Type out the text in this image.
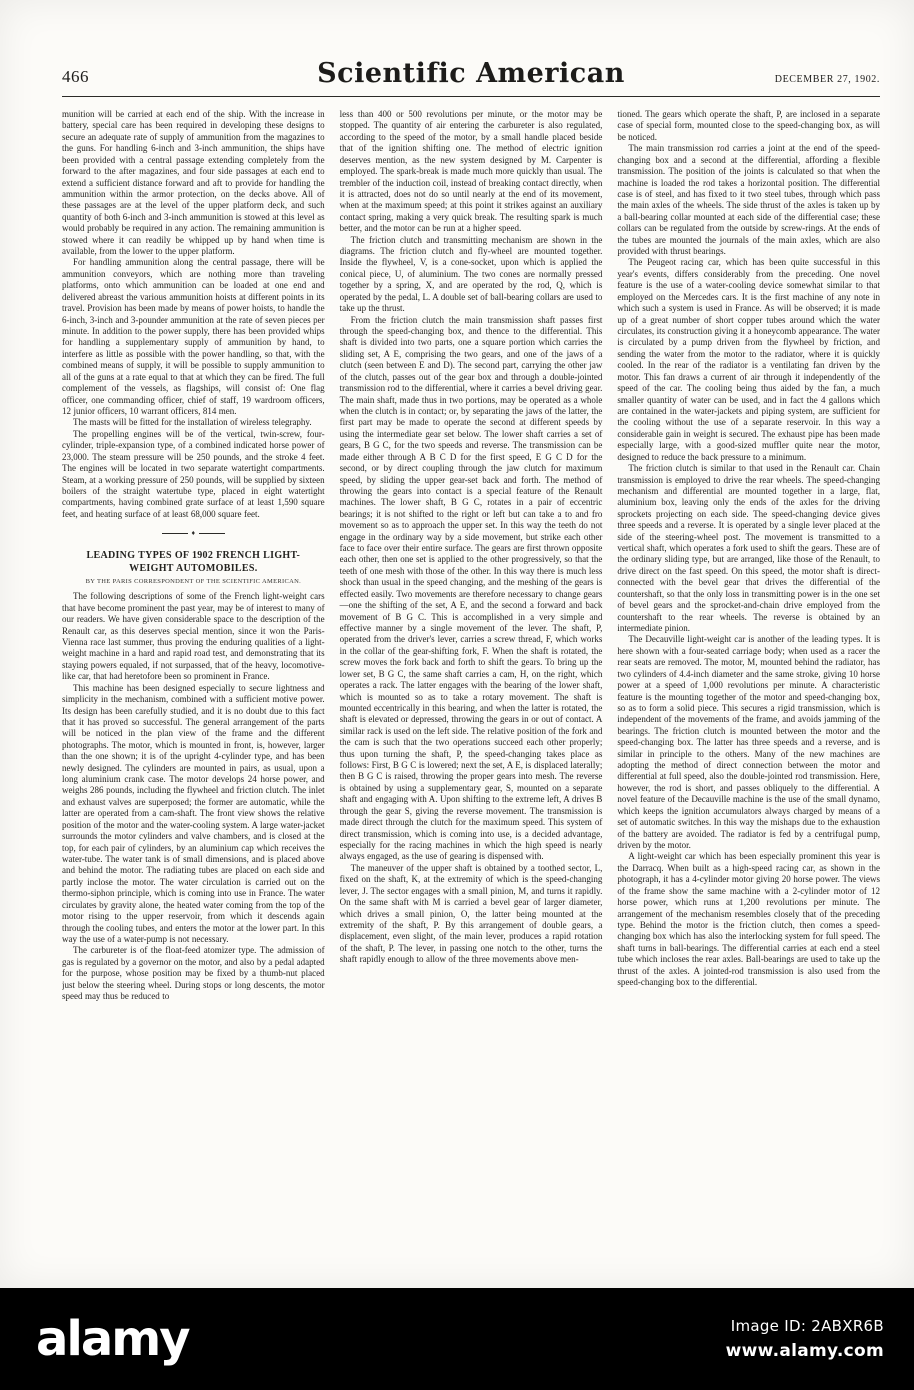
466	Scientific American	DECEMBER 27, 1902.

munition will be carried at each end of the ship. With the increase in battery, special care has been required in developing these designs to secure an adequate rate of supply of ammunition from the magazines to the guns. For handling 6-inch and 3-inch ammunition, the ships have been provided with a central passage extending completely from the forward to the after magazines, and four side passages at each end to extend a sufficient distance forward and aft to provide for handling the ammunition within the armor protection, on the decks above. All of these passages are at the level of the upper platform deck, and such quantity of both 6-inch and 3-inch ammunition is stowed at this level as would probably be required in any action. The remaining ammunition is stowed where it can readily be whipped up by hand when time is available, from the lower to the upper platform.

For handling ammunition along the central passage, there will be ammunition conveyors, which are nothing more than traveling platforms, onto which ammunition can be loaded at one end and delivered abreast the various ammunition hoists at different points in its travel. Provision has been made by means of power hoists, to handle the 6-inch, 3-inch and 3-pounder ammunition at the rate of seven pieces per minute. In addition to the power supply, there has been provided whips for handling a supplementary supply of ammunition by hand, to interfere as little as possible with the power handling, so that, with the combined means of supply, it will be possible to supply ammunition to all of the guns at a rate equal to that at which they can be fired. The full complement of the vessels, as flagships, will consist of: One flag officer, one commanding officer, chief of staff, 19 wardroom officers, 12 junior officers, 10 warrant officers, 814 men.

The masts will be fitted for the installation of wireless telegraphy.

The propelling engines will be of the vertical, twin-screw, four-cylinder, triple-expansion type, of a combined indicated horse power of 23,000. The steam pressure will be 250 pounds, and the stroke 4 feet. The engines will be located in two separate watertight compartments. Steam, at a working pressure of 250 pounds, will be supplied by sixteen boilers of the straight watertube type, placed in eight watertight compartments, having combined grate surface of at least 1,590 square feet, and heating surface of at least 68,000 square feet.

♦
LEADING TYPES OF 1902 FRENCH LIGHT-WEIGHT AUTOMOBILES.
BY THE PARIS CORRESPONDENT OF THE SCIENTIFIC AMERICAN.

The following descriptions of some of the French light-weight cars that have become prominent the past year, may be of interest to many of our readers. We have given considerable space to the description of the Renault car, as this deserves special mention, since it won the Paris-Vienna race last summer, thus proving the enduring qualities of a light-weight machine in a hard and rapid road test, and demonstrating that its staying powers equaled, if not surpassed, that of the heavy, locomotive-like car, that had heretofore been so prominent in France.

This machine has been designed especially to secure lightness and simplicity in the mechanism, combined with a sufficient motive power. Its design has been carefully studied, and it is no doubt due to this fact that it has proved so successful. The general arrangement of the parts will be noticed in the plan view of the frame and the different photographs. The motor, which is mounted in front, is, however, larger than the one shown; it is of the upright 4-cylinder type, and has been newly designed. The cylinders are mounted in pairs, as usual, upon a long aluminium crank case. The motor develops 24 horse power, and weighs 286 pounds, including the flywheel and friction clutch. The inlet and exhaust valves are superposed; the former are automatic, while the latter are operated from a cam-shaft. The front view shows the relative position of the motor and the water-cooling system. A large water-jacket surrounds the motor cylinders and valve chambers, and is closed at the top, for each pair of cylinders, by an aluminium cap which receives the water-tube. The water tank is of small dimensions, and is placed above and behind the motor. The radiating tubes are placed on each side and partly inclose the motor. The water circulation is carried out on the thermo-siphon principle, which is coming into use in France. The water circulates by gravity alone, the heated water coming from the top of the motor rising to the upper reservoir, from which it descends again through the cooling tubes, and enters the motor at the lower part. In this way the use of a water-pump is not necessary.

The carbureter is of the float-feed atomizer type. The admission of gas is regulated by a governor on the motor, and also by a pedal adapted for the purpose, whose position may be fixed by a thumb-nut placed just below the steering wheel. During stops or long descents, the motor speed may thus be reduced to

less than 400 or 500 revolutions per minute, or the motor may be stopped. The quantity of air entering the carbureter is also regulated, according to the speed of the motor, by a small handle placed beside that of the ignition shifting one. The method of electric ignition deserves mention, as the new system designed by M. Carpenter is employed. The spark-break is made much more quickly than usual. The trembler of the induction coil, instead of breaking contact directly, when it is attracted, does not do so until nearly at the end of its movement, when at the maximum speed; at this point it strikes against an auxiliary contact spring, making a very quick break. The resulting spark is much better, and the motor can be run at a higher speed.

The friction clutch and transmitting mechanism are shown in the diagrams. The friction clutch and fly-wheel are mounted together. Inside the flywheel, V, is a cone-socket, upon which is applied the conical piece, U, of aluminium. The two cones are normally pressed together by a spring, X, and are operated by the rod, Q, which is operated by the pedal, L. A double set of ball-bearing collars are used to take up the thrust.

From the friction clutch the main transmission shaft passes first through the speed-changing box, and thence to the differential. This shaft is divided into two parts, one a square portion which carries the sliding set, A E, comprising the two gears, and one of the jaws of a clutch (seen between E and D). The second part, carrying the other jaw of the clutch, passes out of the gear box and through a double-jointed transmission rod to the differential, where it carries a bevel driving gear. The main shaft, made thus in two portions, may be operated as a whole when the clutch is in contact; or, by separating the jaws of the latter, the first part may be made to operate the second at different speeds by using the intermediate gear set below. The lower shaft carries a set of gears, B G C, for the two speeds and reverse. The transmission can be made either through A B C D for the first speed, E G C D for the second, or by direct coupling through the jaw clutch for maximum speed, by sliding the upper gear-set back and forth. The method of throwing the gears into contact is a special feature of the Renault machines. The lower shaft, B G C, rotates in a pair of eccentric bearings; it is not shifted to the right or left but can take a to and fro movement so as to approach the upper set. In this way the teeth do not engage in the ordinary way by a side movement, but strike each other face to face over their entire surface. The gears are first thrown opposite each other, then one set is applied to the other progressively, so that the teeth of one mesh with those of the other. In this way there is much less shock than usual in the speed changing, and the meshing of the gears is effected easily. Two movements are therefore necessary to change gears—one the shifting of the set, A E, and the second a forward and back movement of B G C. This is accomplished in a very simple and effective manner by a single movement of the lever. The shaft, P, operated from the driver's lever, carries a screw thread, F, which works in the collar of the gear-shifting fork, F. When the shaft is rotated, the screw moves the fork back and forth to shift the gears. To bring up the lower set, B G C, the same shaft carries a cam, H, on the right, which operates a rack. The latter engages with the bearing of the lower shaft, which is mounted so as to take a rotary movement. The shaft is mounted eccentrically in this bearing, and when the latter is rotated, the shaft is elevated or depressed, throwing the gears in or out of contact. A similar rack is used on the left side. The relative position of the fork and the cam is such that the two operations succeed each other properly; thus upon turning the shaft, P, the speed-changing takes place as follows: First, B G C is lowered; next the set, A E, is displaced laterally; then B G C is raised, throwing the proper gears into mesh. The reverse is obtained by using a supplementary gear, S, mounted on a separate shaft and engaging with A. Upon shifting to the extreme left, A drives B through the gear S, giving the reverse movement. The transmission is made direct through the clutch for the maximum speed. This system of direct transmission, which is coming into use, is a decided advantage, especially for the racing machines in which the high speed is nearly always engaged, as the use of gearing is dispensed with.

The maneuver of the upper shaft is obtained by a toothed sector, L, fixed on the shaft, K, at the extremity of which is the speed-changing lever, J. The sector engages with a small pinion, M, and turns it rapidly. On the same shaft with M is carried a bevel gear of larger diameter, which drives a small pinion, O, the latter being mounted at the extremity of the shaft, P. By this arrangement of double gears, a displacement, even slight, of the main lever, produces a rapid rotation of the shaft, P. The lever, in passing one notch to the other, turns the shaft rapidly enough to allow of the three movements above men-

tioned. The gears which operate the shaft, P, are inclosed in a separate case of special form, mounted close to the speed-changing box, as will be noticed.

The main transmission rod carries a joint at the end of the speed-changing box and a second at the differential, affording a flexible transmission. The position of the joints is calculated so that when the machine is loaded the rod takes a horizontal position. The differential case is of steel, and has fixed to it two steel tubes, through which pass the main axles of the wheels. The side thrust of the axles is taken up by a ball-bearing collar mounted at each side of the differential case; these collars can be regulated from the outside by screw-rings. At the ends of the tubes are mounted the journals of the main axles, which are also provided with thrust bearings.

The Peugeot racing car, which has been quite successful in this year's events, differs considerably from the preceding. One novel feature is the use of a water-cooling device somewhat similar to that employed on the Mercedes cars. It is the first machine of any note in which such a system is used in France. As will be observed; it is made up of a great number of short copper tubes around which the water circulates, its construction giving it a honeycomb appearance. The water is circulated by a pump driven from the flywheel by friction, and sending the water from the motor to the radiator, where it is quickly cooled. In the rear of the radiator is a ventilating fan driven by the motor. This fan draws a current of air through it independently of the speed of the car. The cooling being thus aided by the fan, a much smaller quantity of water can be used, and in fact the 4 gallons which are contained in the water-jackets and piping system, are sufficient for the cooling without the use of a separate reservoir. In this way a considerable gain in weight is secured. The exhaust pipe has been made especially large, with a good-sized muffler quite near the motor, designed to reduce the back pressure to a minimum.

The friction clutch is similar to that used in the Renault car. Chain transmission is employed to drive the rear wheels. The speed-changing mechanism and differential are mounted together in a large, flat, aluminium box, leaving only the ends of the axles for the driving sprockets projecting on each side. The speed-changing device gives three speeds and a reverse. It is operated by a single lever placed at the side of the steering-wheel post. The movement is transmitted to a vertical shaft, which operates a fork used to shift the gears. These are of the ordinary sliding type, but are arranged, like those of the Renault, to drive direct on the fast speed. On this speed, the motor shaft is direct-connected with the bevel gear that drives the differential of the countershaft, so that the only loss in transmitting power is in the one set of bevel gears and the sprocket-and-chain drive employed from the countershaft to the rear wheels. The reverse is obtained by an intermediate pinion.

The Decauville light-weight car is another of the leading types. It is here shown with a four-seated carriage body; when used as a racer the rear seats are removed. The motor, M, mounted behind the radiator, has two cylinders of 4.4-inch diameter and the same stroke, giving 10 horse power at a speed of 1,000 revolutions per minute. A characteristic feature is the mounting together of the motor and speed-changing box, so as to form a solid piece. This secures a rigid transmission, which is independent of the movements of the frame, and avoids jamming of the bearings. The friction clutch is mounted between the motor and the speed-changing box. The latter has three speeds and a reverse, and is similar in principle to the others. Many of the new machines are adopting the method of direct connection between the motor and differential at full speed, also the double-jointed rod transmission. Here, however, the rod is short, and passes obliquely to the differential. A novel feature of the Decauville machine is the use of the small dynamo, which keeps the ignition accumulators always charged by means of a set of automatic switches. In this way the mishaps due to the exhaustion of the battery are avoided. The radiator is fed by a centrifugal pump, driven by the motor.

A light-weight car which has been especially prominent this year is the Darracq. When built as a high-speed racing car, as shown in the photograph, it has a 4-cylinder motor giving 20 horse power. The views of the frame show the same machine with a 2-cylinder motor of 12 horse power, which runs at 1,200 revolutions per minute. The arrangement of the mechanism resembles closely that of the preceding type. Behind the motor is the friction clutch, then comes a speed-changing box which has also the interlocking system for full speed. The shaft turns in ball-bearings. The differential carries at each end a steel tube which incloses the rear axles. Ball-bearings are used to take up the thrust of the axles. A jointed-rod transmission is also used from the speed-changing box to the differential.

alamy	Image ID: 2ABXR6B
www.alamy.com
